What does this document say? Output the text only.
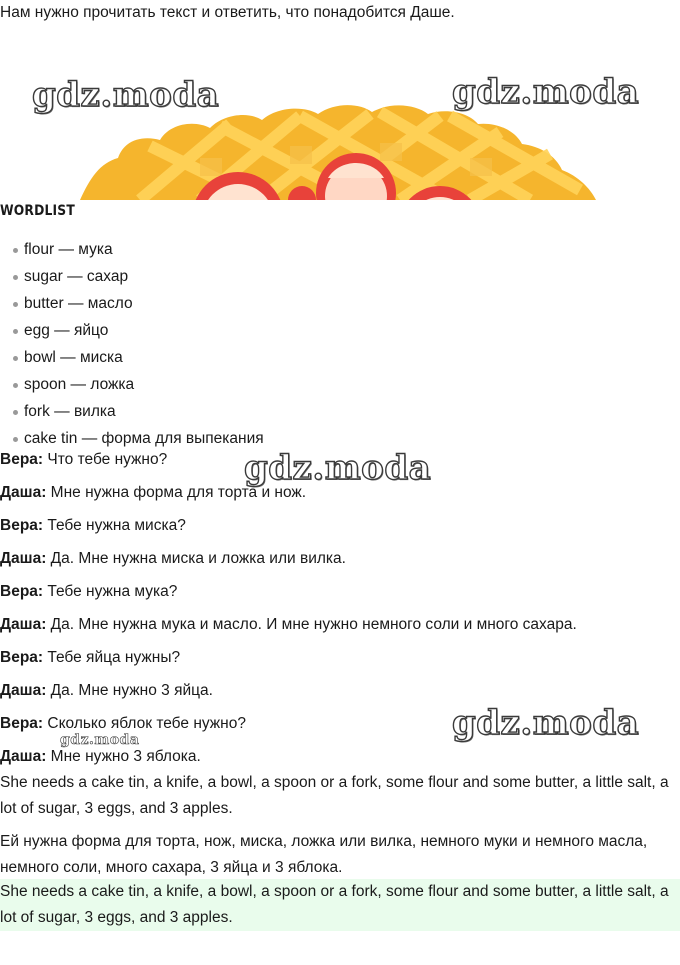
Нам нужно прочитать текст и ответить, что понадобится Даше.
gdz.moda	gdz.moda
WORDLIST
flour — мука
sugar — сахар
butter — масло
egg — яйцо
bowl — миска
spoon — ложка
fork — вилка
cake tin — форма для выпекания
Вера: Что тебе нужно?
Даша: Мне нужна форма для торта и нож.
Вера: Тебе нужна миска?
Даша: Да. Мне нужна миска и ложка или вилка.
Вера: Тебе нужна мука?
Даша: Да. Мне нужна мука и масло. И мне нужно немного соли и много сахара.
Вера: Тебе яйца нужны?
Даша: Да. Мне нужно 3 яйца.
Вера: Сколько яблок тебе нужно?
Даша: Мне нужно 3 яблока.
gdz.moda
gdz.moda
gdz.moda
She needs a cake tin, a knife, a bowl, a spoon or a fork, some flour and some butter, a little salt, a lot of sugar, 3 eggs, and 3 apples.
Ей нужна форма для торта, нож, миска, ложка или вилка, немного муки и немного масла, немного соли, много сахара, 3 яйца и 3 яблока.
She needs a cake tin, a knife, a bowl, a spoon or a fork, some flour and some butter, a little salt, a lot of sugar, 3 eggs, and 3 apples.
